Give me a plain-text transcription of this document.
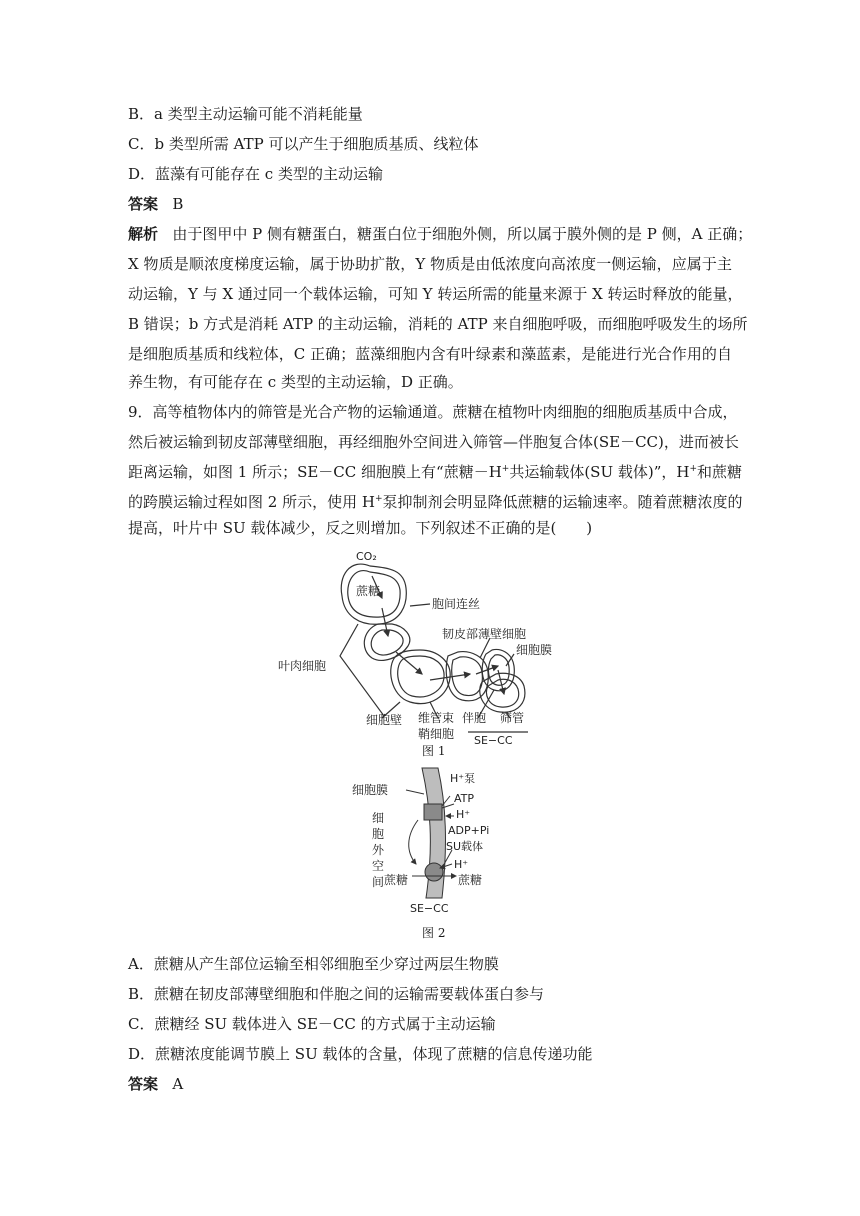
B．a 类型主动运输可能不消耗能量
C．b 类型所需 ATP 可以产生于细胞质基质、线粒体
D．蓝藻有可能存在 c 类型的主动运输
答案 B
解析 由于图甲中 P 侧有糖蛋白，糖蛋白位于细胞外侧，所以属于膜外侧的是 P 侧，A 正确；
X 物质是顺浓度梯度运输，属于协助扩散，Y 物质是由低浓度向高浓度一侧运输，应属于主
动运输，Y 与 X 通过同一个载体运输，可知 Y 转运所需的能量来源于 X 转运时释放的能量，
B 错误；b 方式是消耗 ATP 的主动运输，消耗的 ATP 来自细胞呼吸，而细胞呼吸发生的场所
是细胞质基质和线粒体，C 正确；蓝藻细胞内含有叶绿素和藻蓝素，是能进行光合作用的自
养生物，有可能存在 c 类型的主动运输，D 正确。
9．高等植物体内的筛管是光合产物的运输通道。蔗糖在植物叶肉细胞的细胞质基质中合成，
然后被运输到韧皮部薄壁细胞，再经细胞外空间进入筛管—伴胞复合体(SE－CC)，进而被长
距离运输，如图 1 所示；SE－CC 细胞膜上有“蔗糖－H+共运输载体(SU 载体)”，H+和蔗糖
的跨膜运输过程如图 2 所示，使用 H+泵抑制剂会明显降低蔗糖的运输速率。随着蔗糖浓度的
提高，叶片中 SU 载体减少，反之则增加。下列叙述不正确的是(　　)
CO₂
蔗糖
胞间连丝
韧皮部薄壁细胞
细胞膜
叶肉细胞
细胞壁 维管束
鞘细胞
伴胞 筛管
SE−CC
图 1
细胞膜
细
胞
外
空
间
H⁺泵
ATP
H⁺
ADP+Pi
SU载体
H⁺
蔗糖	蔗糖
SE−CC
图 2
A．蔗糖从产生部位运输至相邻细胞至少穿过两层生物膜
B．蔗糖在韧皮部薄壁细胞和伴胞之间的运输需要载体蛋白参与
C．蔗糖经 SU 载体进入 SE－CC 的方式属于主动运输
D．蔗糖浓度能调节膜上 SU 载体的含量，体现了蔗糖的信息传递功能
答案 A
